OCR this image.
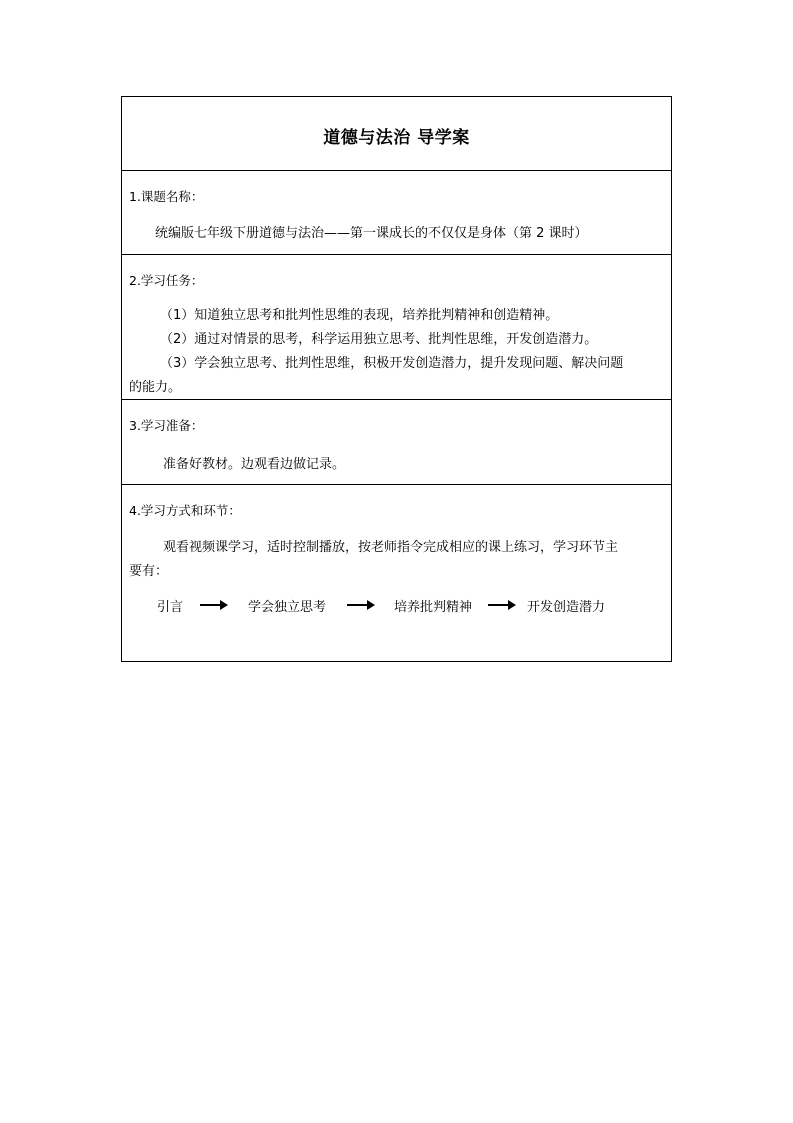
道德与法治 导学案
1.课题名称：
统编版七年级下册道德与法治——第一课成长的不仅仅是身体（第 2 课时）
2.学习任务：
（1）知道独立思考和批判性思维的表现，培养批判精神和创造精神。
（2）通过对情景的思考，科学运用独立思考、批判性思维，开发创造潜力。
（3）学会独立思考、批判性思维，积极开发创造潜力，提升发现问题、解决问题
的能力。
3.学习准备：
准备好教材。边观看边做记录。
4.学习方式和环节：
观看视频课学习，适时控制播放，按老师指令完成相应的课上练习，学习环节主
要有：
引言	学会独立思考	培养批判精神	开发创造潜力
